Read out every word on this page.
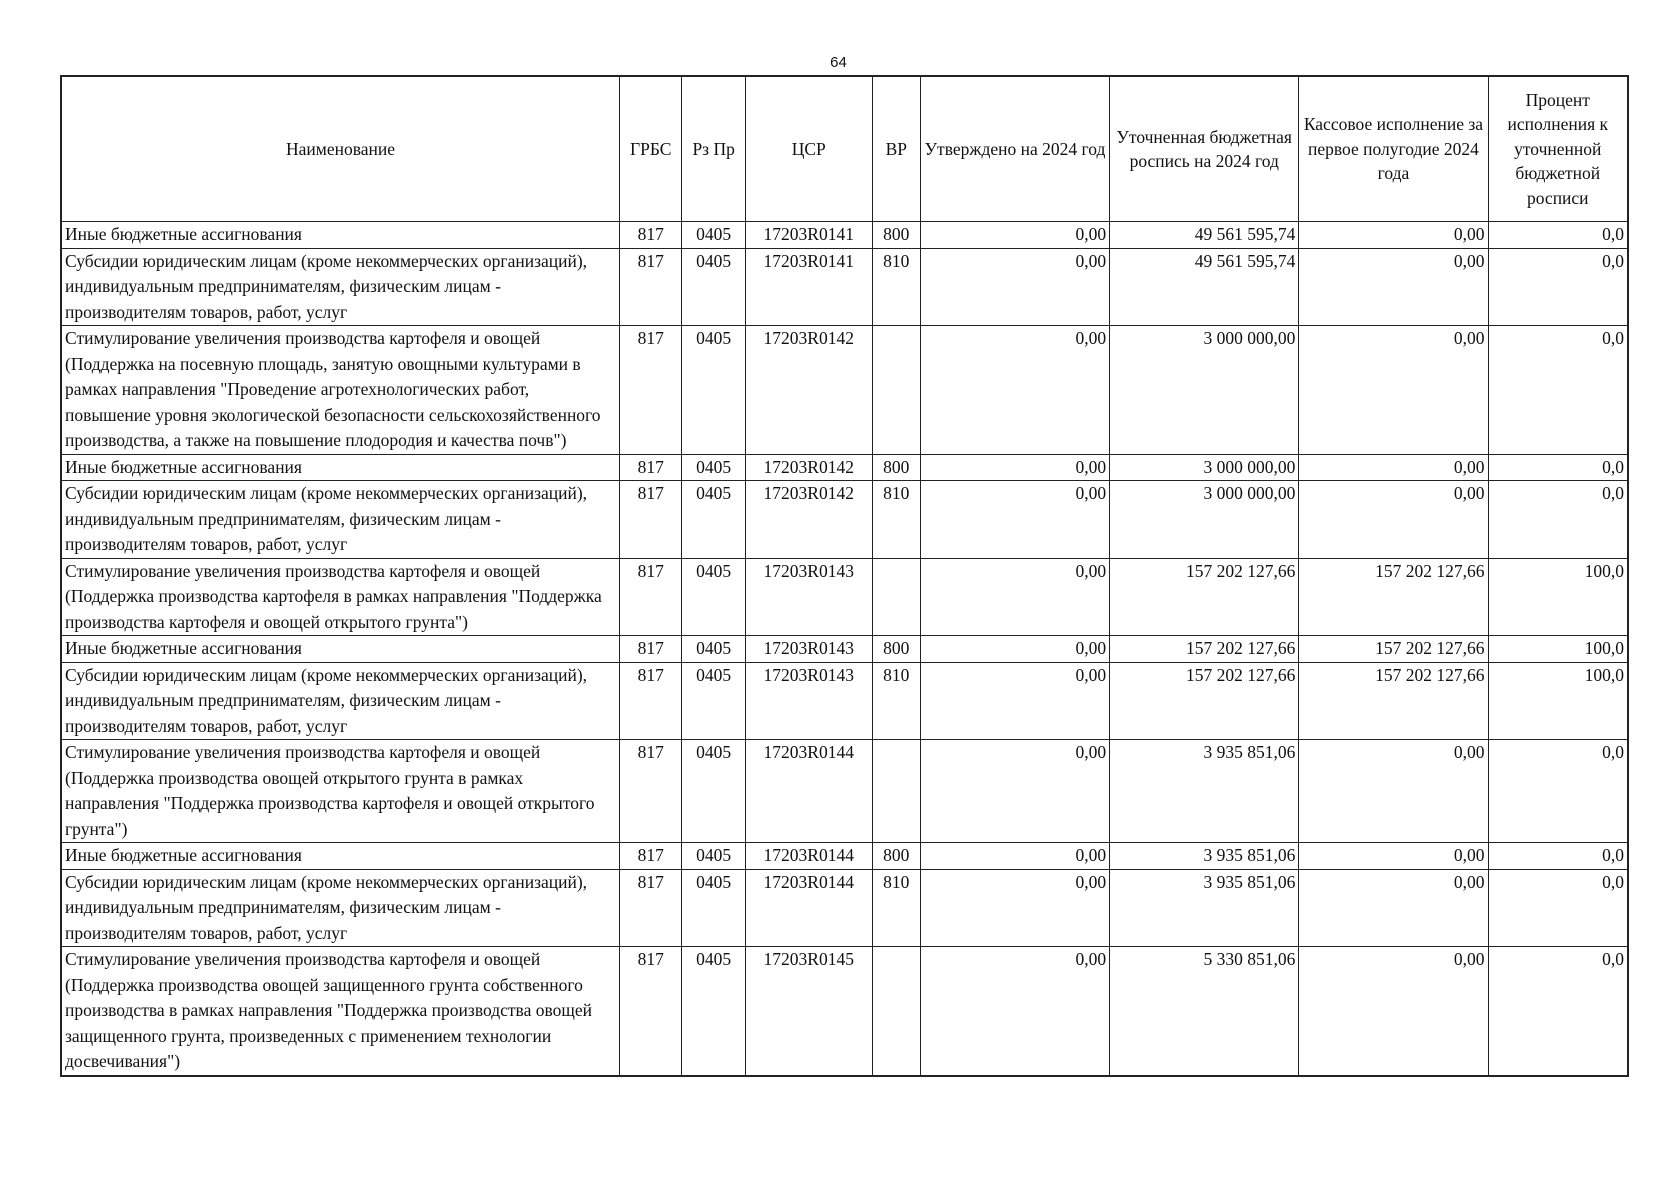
64
Наименование	ГРБС	Рз Пр	ЦСР	ВР	Утверждено на 2024 год	Уточненная бюджетная роспись на 2024 год	Кассовое исполнение за первое полугодие 2024 года	Процент исполнения к уточненной бюджетной росписи
Иные бюджетные ассигнования	817	0405	17203R0141	800	0,00	49 561 595,74	0,00	0,0
Субсидии юридическим лицам (кроме некоммерческих организаций), индивидуальным предпринимателям, физическим лицам - производителям товаров, работ, услуг	817	0405	17203R0141	810	0,00	49 561 595,74	0,00	0,0
Стимулирование увеличения производства картофеля и овощей (Поддержка на посевную площадь, занятую овощными культурами в рамках направления "Проведение агротехнологических работ, повышение уровня экологической безопасности сельскохозяйственного производства, а также на повышение плодородия и качества почв")	817	0405	17203R0142		0,00	3 000 000,00	0,00	0,0
Иные бюджетные ассигнования	817	0405	17203R0142	800	0,00	3 000 000,00	0,00	0,0
Субсидии юридическим лицам (кроме некоммерческих организаций), индивидуальным предпринимателям, физическим лицам - производителям товаров, работ, услуг	817	0405	17203R0142	810	0,00	3 000 000,00	0,00	0,0
Стимулирование увеличения производства картофеля и овощей (Поддержка производства картофеля в рамках направления "Поддержка производства картофеля и овощей открытого грунта")	817	0405	17203R0143		0,00	157 202 127,66	157 202 127,66	100,0
Иные бюджетные ассигнования	817	0405	17203R0143	800	0,00	157 202 127,66	157 202 127,66	100,0
Субсидии юридическим лицам (кроме некоммерческих организаций), индивидуальным предпринимателям, физическим лицам - производителям товаров, работ, услуг	817	0405	17203R0143	810	0,00	157 202 127,66	157 202 127,66	100,0
Стимулирование увеличения производства картофеля и овощей (Поддержка производства овощей открытого грунта в рамках направления "Поддержка производства картофеля и овощей открытого грунта")	817	0405	17203R0144		0,00	3 935 851,06	0,00	0,0
Иные бюджетные ассигнования	817	0405	17203R0144	800	0,00	3 935 851,06	0,00	0,0
Субсидии юридическим лицам (кроме некоммерческих организаций), индивидуальным предпринимателям, физическим лицам - производителям товаров, работ, услуг	817	0405	17203R0144	810	0,00	3 935 851,06	0,00	0,0
Стимулирование увеличения производства картофеля и овощей (Поддержка производства овощей защищенного грунта собственного производства в рамках направления "Поддержка производства овощей защищенного грунта, произведенных с применением технологии досвечивания")	817	0405	17203R0145		0,00	5 330 851,06	0,00	0,0
